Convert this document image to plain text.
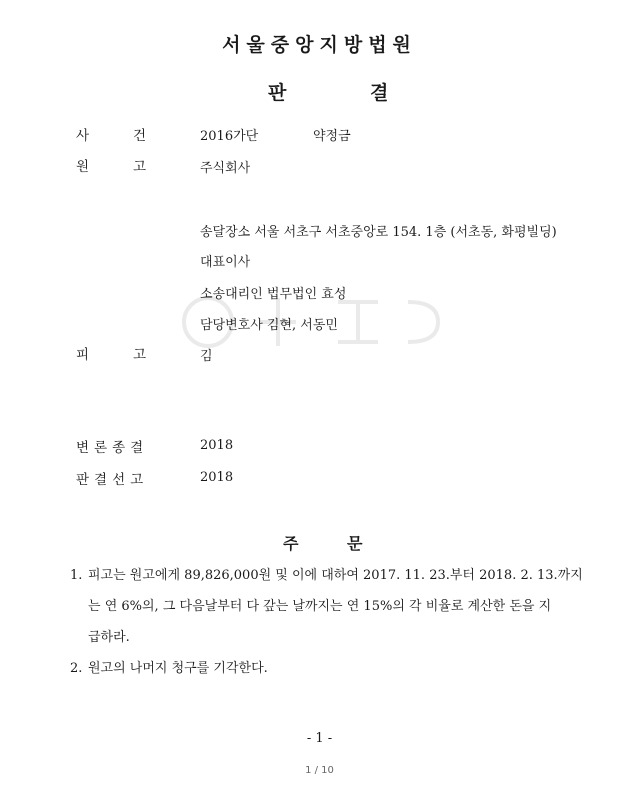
서울중앙지방법원
판	결
사	건	2016가단	약정금
원	고	주식회사
송달장소 서울 서초구 서초중앙로 154. 1층 (서초동, 화평빌딩)
대표이사
소송대리인 법무법인 효성
담당변호사 김현, 서동민
피	고	김
변론종결	2018
판결선고	2018
주	문
1. 피고는 원고에게 89,826,000원 및 이에 대하여 2017. 11. 23.부터 2018. 2. 13.까지
는 연 6%의, 그 다음날부터 다 갚는 날까지는 연 15%의 각 비율로 계산한 돈을 지
급하라.
2. 원고의 나머지 청구를 기각한다.
- 1 -
1 / 10
